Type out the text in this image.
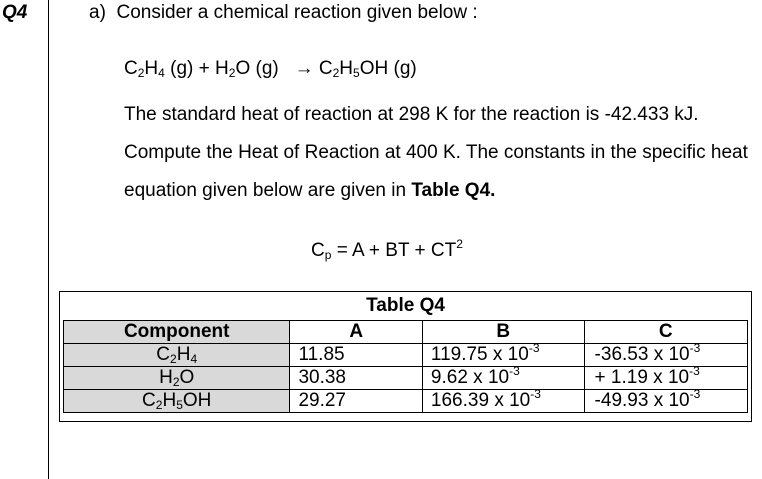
Q4	a) Consider a chemical reaction given below :
$C_2H_4$ $(g) + H_2O$ $(g) \to C_2H_5OH$ (g)
The standard heat of reaction at 298 K for the reaction is -42.433 kJ. Compute the Heat of Reaction at 400 K. The constants in the specific heat equation given below are given in Table Q4.
$C_p = A$ + BT + $CT^2$
Table Q4
Component	A	B	C
$C_2H_4$	11.85	119.75 x $10^{-3}$	-36.53 x $10^{-3}$
$H_2O$	30.38	9.62 x $10^{-3}$	+ 1.19 x $10^{-3}$
$C_2H_5OH$	29.27	166.39 x $10^{-3}$	-49.93 x $10^{-3}$
